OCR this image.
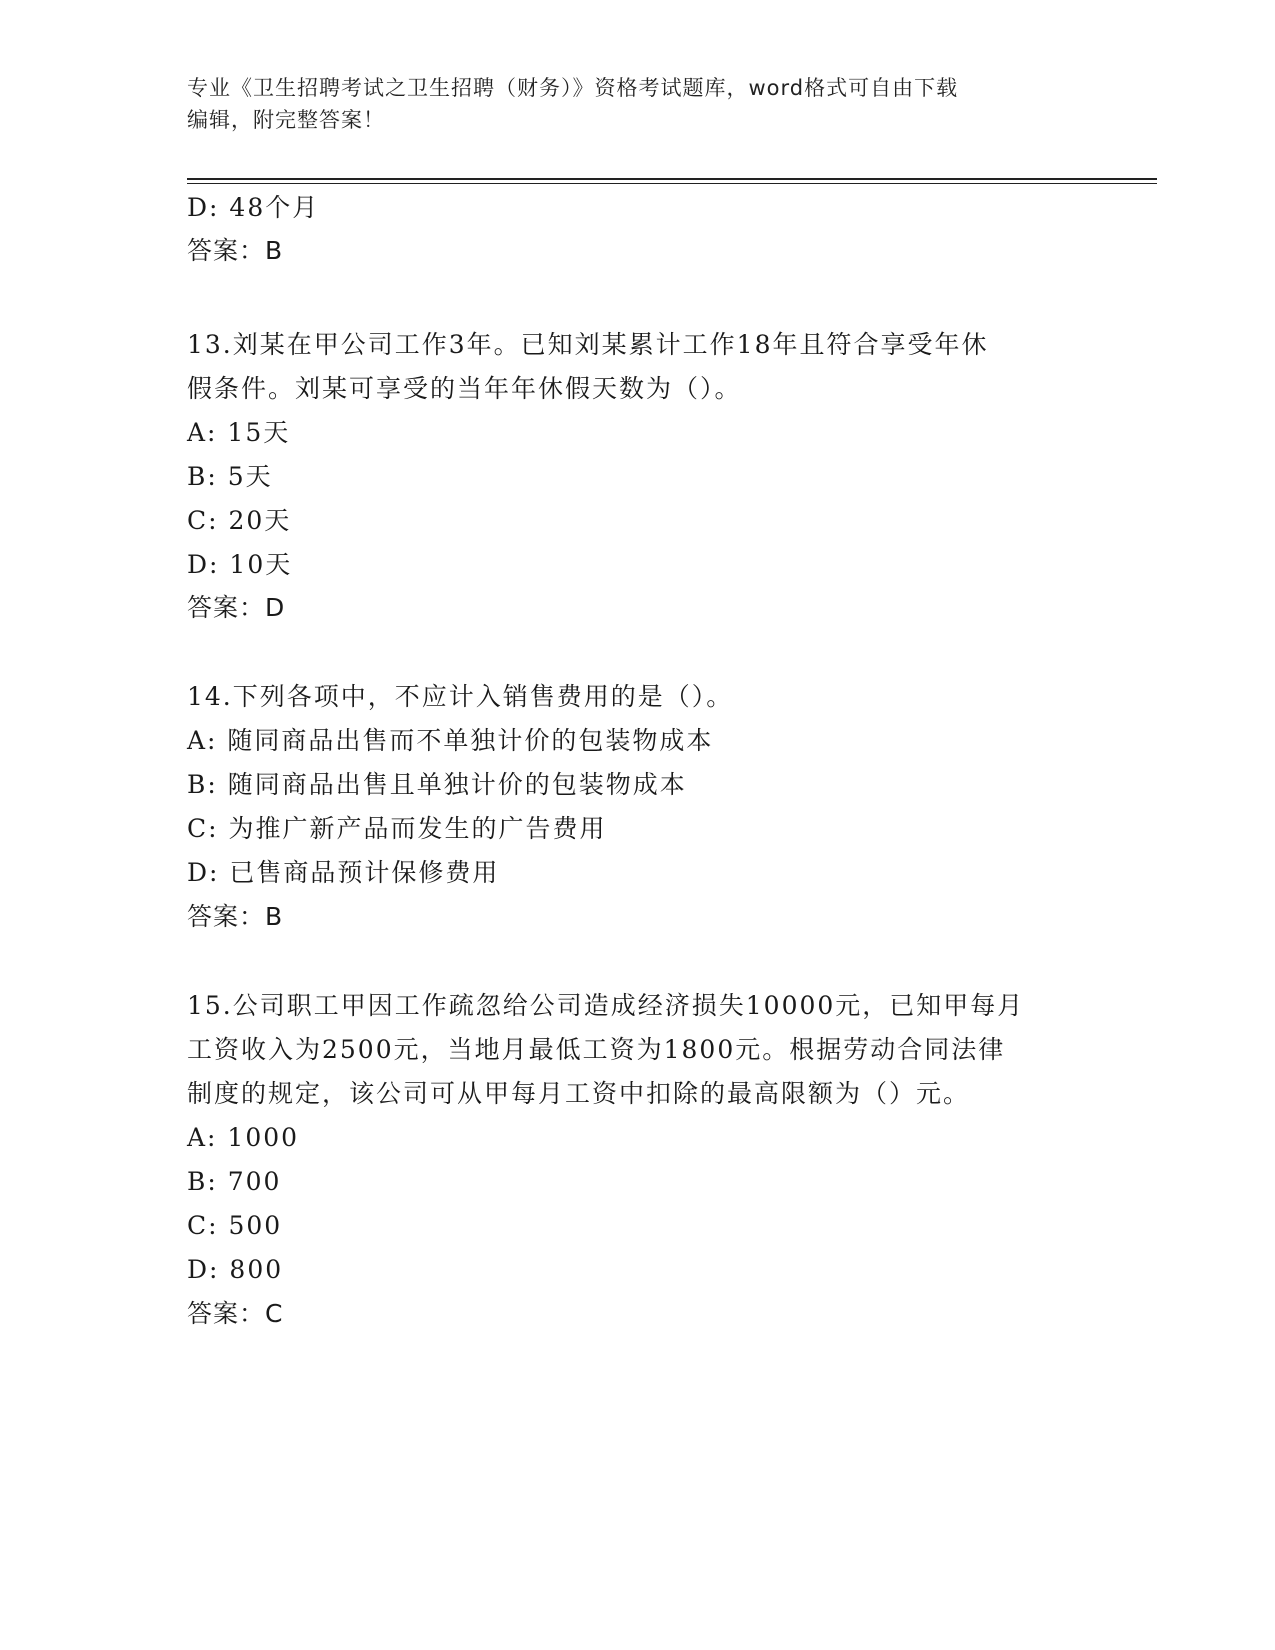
专业《卫生招聘考试之卫生招聘（财务）》资格考试题库，word格式可自由下载
编辑，附完整答案！
D: 48个月
答案：B
13.刘某在甲公司工作3年。已知刘某累计工作18年且符合享受年休
假条件。刘某可享受的当年年休假天数为（）。
A: 15天
B: 5天
C: 20天
D: 10天
答案：D
14.下列各项中，不应计入销售费用的是（）。
A: 随同商品出售而不单独计价的包装物成本
B: 随同商品出售且单独计价的包装物成本
C: 为推广新产品而发生的广告费用
D: 已售商品预计保修费用
答案：B
15.公司职工甲因工作疏忽给公司造成经济损失10000元，已知甲每月
工资收入为2500元，当地月最低工资为1800元。根据劳动合同法律
制度的规定，该公司可从甲每月工资中扣除的最高限额为（）元。
A: 1000
B: 700
C: 500
D: 800
答案：C
